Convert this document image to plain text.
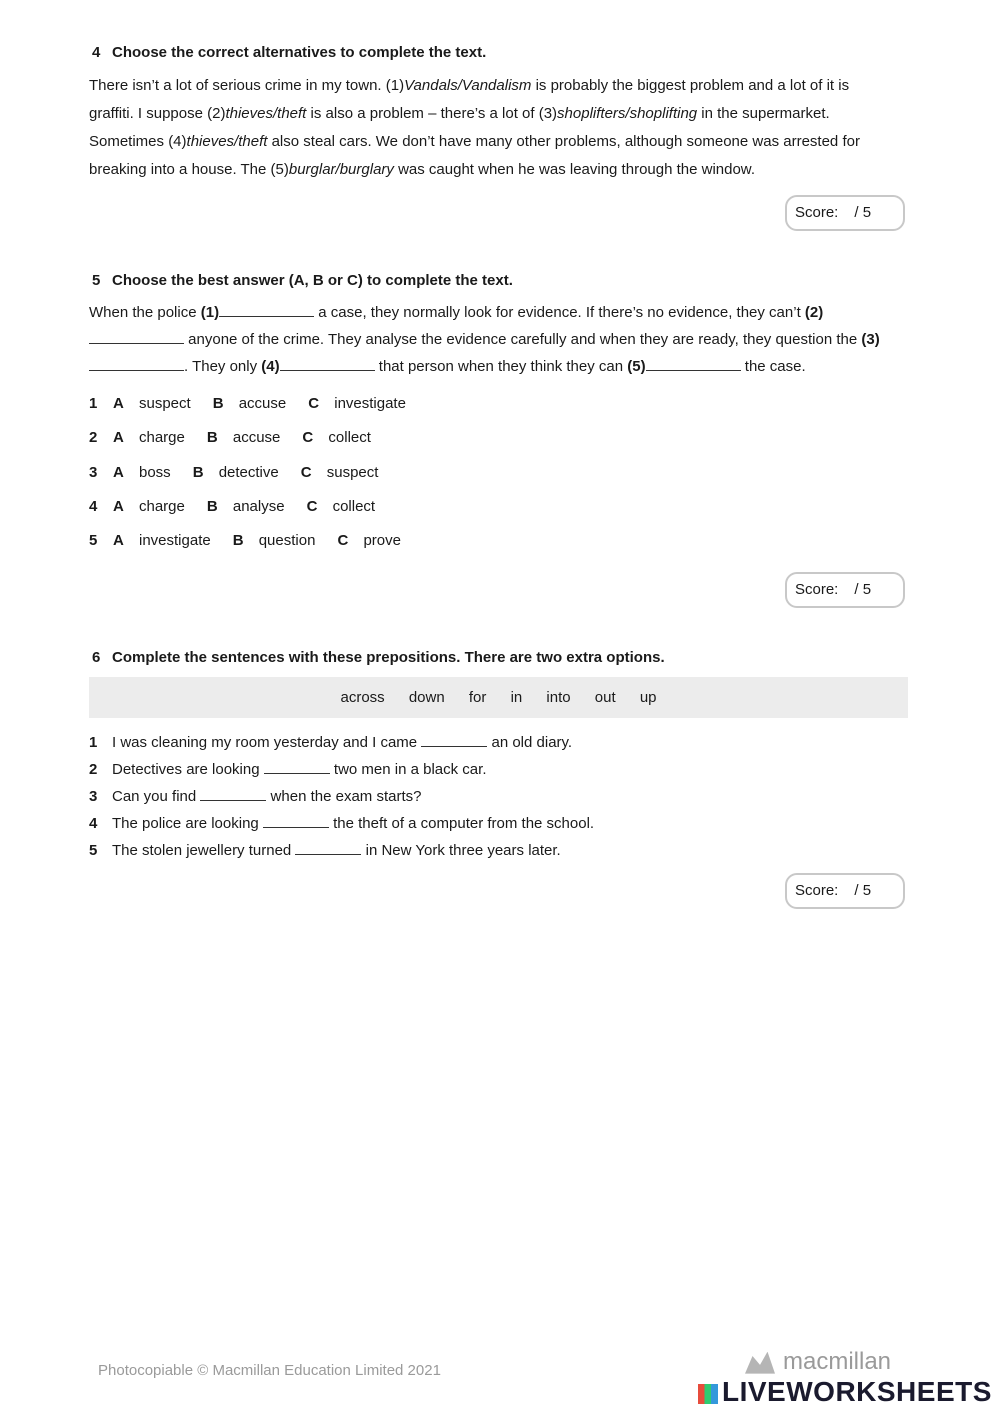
4 Choose the correct alternatives to complete the text.
There isn’t a lot of serious crime in my town. (1)Vandals/Vandalism is probably the biggest problem and a lot of it is
graffiti. I suppose (2)thieves/theft is also a problem – there’s a lot of (3)shoplifters/shoplifting in the supermarket.
Sometimes (4)thieves/theft also steal cars. We don’t have many other problems, although someone was arrested for
breaking into a house. The (5)burglar/burglary was caught when he was leaving through the window.
Score: / 5
5 Choose the best answer (A, B or C) to complete the text.
When the police (1)	a case, they normally look for evidence. If there’s no evidence, they can’t (2)
anyone of the crime. They analyse the evidence carefully and when they are ready, they question the (3)
. They only (4)	that person when they think they can (5)	the case.
1 A suspect B accuse C investigate
2 A charge B accuse C collect
3 A boss B detective C suspect
4 A charge B analyse C collect
5 A investigate B question C prove
Score: / 5
6 Complete the sentences with these prepositions. There are two extra options.
across down for in into out up
1 I was cleaning my room yesterday and I came	an old diary.
2 Detectives are looking	two men in a black car.
3 Can you find	when the exam starts?
4 The police are looking	the theft of a computer from the school.
5 The stolen jewellery turned	in New York three years later.
Score: / 5
Photocopiable © Macmillan Education Limited 2021	macmillan
LIVEWORKSHEETS
